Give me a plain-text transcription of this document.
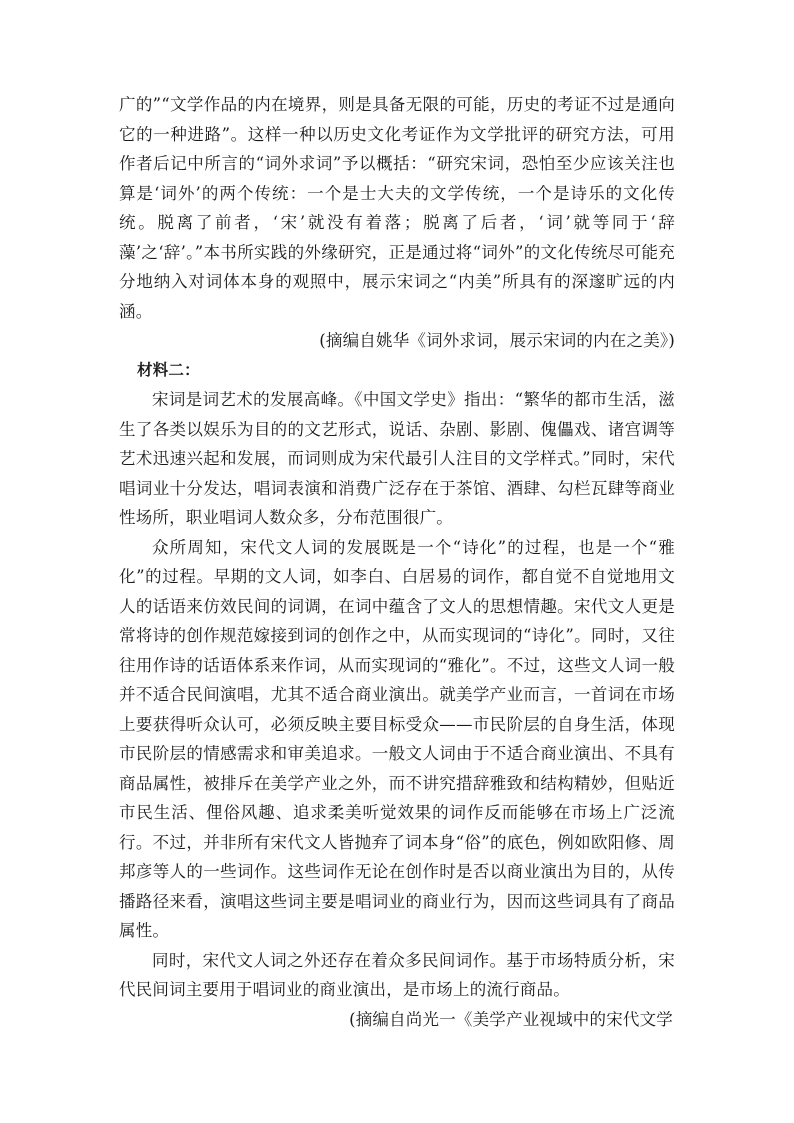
广的”“文学作品的内在境界，则是具备无限的可能，历史的考证不过是通向它的一种进路”。这样一种以历史文化考证作为文学批评的研究方法，可用作者后记中所言的“词外求词”予以概括：“研究宋词，恐怕至少应该关注也算是‘词外’的两个传统：一个是士大夫的文学传统，一个是诗乐的文化传统。脱离了前者，‘宋’就没有着落；脱离了后者，‘词’就等同于‘辞藻’之‘辞’。”本书所实践的外缘研究，正是通过将“词外”的文化传统尽可能充分地纳入对词体本身的观照中，展示宋词之“内美”所具有的深邃旷远的内涵。

(摘编自姚华《词外求词，展示宋词的内在之美》)

材料二：

宋词是词艺术的发展高峰。《中国文学史》指出：“繁华的都市生活，滋生了各类以娱乐为目的的文艺形式，说话、杂剧、影剧、傀儡戏、诸宫调等艺术迅速兴起和发展，而词则成为宋代最引人注目的文学样式。”同时，宋代唱词业十分发达，唱词表演和消费广泛存在于茶馆、酒肆、勾栏瓦肆等商业性场所，职业唱词人数众多，分布范围很广。

众所周知，宋代文人词的发展既是一个“诗化”的过程，也是一个“雅化”的过程。早期的文人词，如李白、白居易的词作，都自觉不自觉地用文人的话语来仿效民间的词调，在词中蕴含了文人的思想情趣。宋代文人更是常将诗的创作规范嫁接到词的创作之中，从而实现词的“诗化”。同时，又往往用作诗的话语体系来作词，从而实现词的“雅化”。不过，这些文人词一般并不适合民间演唱，尤其不适合商业演出。就美学产业而言，一首词在市场上要获得听众认可，必须反映主要目标受众——市民阶层的自身生活，体现市民阶层的情感需求和审美追求。一般文人词由于不适合商业演出、不具有商品属性，被排斥在美学产业之外，而不讲究措辞雅致和结构精妙，但贴近市民生活、俚俗风趣、追求柔美听觉效果的词作反而能够在市场上广泛流行。不过，并非所有宋代文人皆抛弃了词本身“俗”的底色，例如欧阳修、周邦彦等人的一些词作。这些词作无论在创作时是否以商业演出为目的，从传播路径来看，演唱这些词主要是唱词业的商业行为，因而这些词具有了商品属性。

同时，宋代文人词之外还存在着众多民间词作。基于市场特质分析，宋代民间词主要用于唱词业的商业演出，是市场上的流行商品。

(摘编自尚光一《美学产业视域中的宋代文学
